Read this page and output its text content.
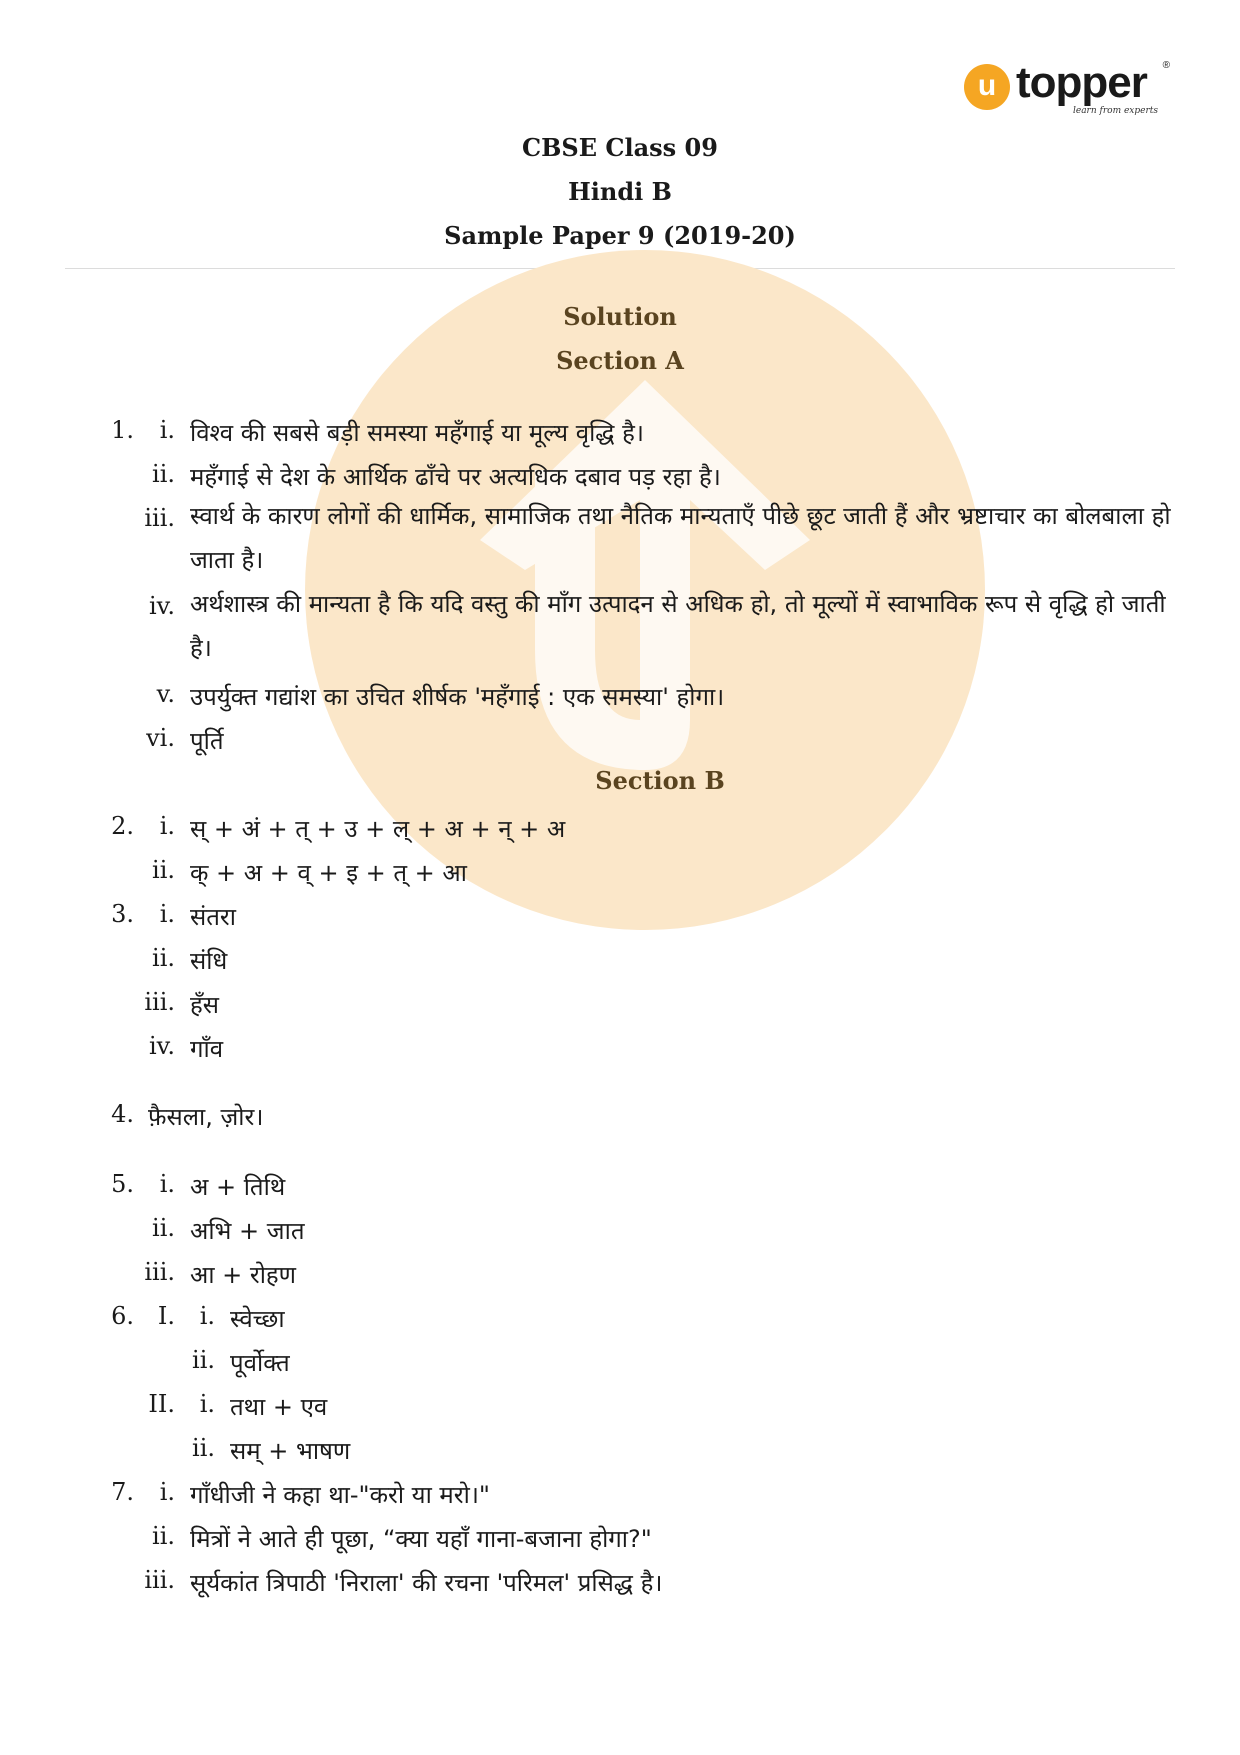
u topper ®
learn from experts
CBSE Class 09
Hindi B
Sample Paper 9 (2019-20)
Solution
Section A
1.	i. विश्व की सबसे बड़ी समस्या महँगाई या मूल्य वृद्धि है।
ii. महँगाई से देश के आर्थिक ढाँचे पर अत्यधिक दबाव पड़ रहा है।
iii. स्वार्थ के कारण लोगों की धार्मिक, सामाजिक तथा नैतिक मान्यताएँ पीछे छूट जाती हैं और भ्रष्टाचार का बोलबाला हो जाता है।
iv. अर्थशास्त्र की मान्यता है कि यदि वस्तु की माँग उत्पादन से अधिक हो, तो मूल्यों में स्वाभाविक रूप से वृद्धि हो जाती है।
v. उपर्युक्त गद्यांश का उचित शीर्षक 'महँगाई : एक समस्या' होगा।
vi. पूर्ति
Section B
2.	i. स् + अं + त् + उ + ल् + अ + न् + अ
ii. क् + अ + व् + इ + त् + आ
3.	i. संतरा
ii. संधि
iii. हँस
iv. गाँव
4. फ़ैसला, ज़ोर।
5.	i. अ + तिथि
ii. अभि + जात
iii. आ + रोहण
6. I.	i. स्वेच्छा
ii. पूर्वोक्त
II.	i. तथा + एव
ii. सम् + भाषण
7.	i. गाँधीजी ने कहा था-"करो या मरो।"
ii. मित्रों ने आते ही पूछा, “क्या यहाँ गाना-बजाना होगा?"
iii. सूर्यकांत त्रिपाठी 'निराला' की रचना 'परिमल' प्रसिद्ध है।
